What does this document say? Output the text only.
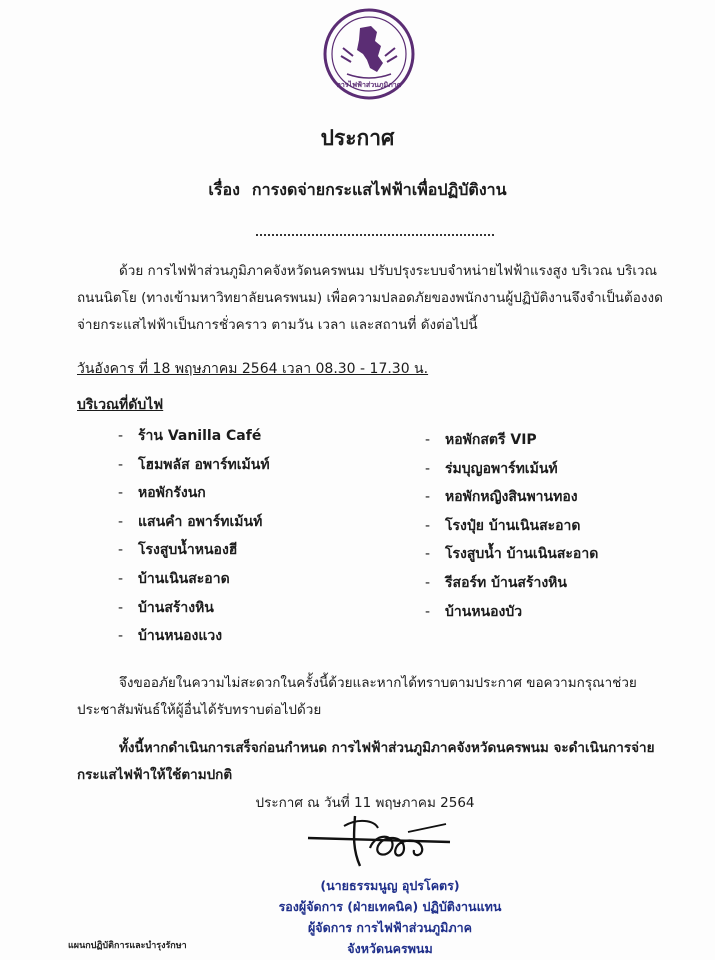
การไฟฟ้าส่วนภูมิภาค
ประกาศ
เรื่อง การงดจ่ายกระแสไฟฟ้าเพื่อปฏิบัติงาน
ด้วย การไฟฟ้าส่วนภูมิภาคจังหวัดนครพนม ปรับปรุงระบบจำหน่ายไฟฟ้าแรงสูง บริเวณ บริเวณ ถนนนิตโย (ทางเข้ามหาวิทยาลัยนครพนม) เพื่อความปลอดภัยของพนักงานผู้ปฏิบัติงานจึงจำเป็นต้องงดจ่ายกระแสไฟฟ้าเป็นการชั่วคราว ตามวัน เวลา และสถานที่ ดังต่อไปนี้
วันอังคาร ที่ 18 พฤษภาคม 2564 เวลา 08.30 - 17.30 น.
บริเวณที่ดับไฟ
- ร้าน Vanilla Café
- โฮมพลัส อพาร์ทเม้นท์
- หอพักรังนก
- แสนคำ อพาร์ทเม้นท์
- โรงสูบน้ำหนองฮี
- บ้านเนินสะอาด
- บ้านสร้างหิน
- บ้านหนองแวง
- หอพักสตรี VIP
- ร่มบุญอพาร์ทเม้นท์
- หอพักหญิงสินพานทอง
- โรงปุ๋ย บ้านเนินสะอาด
- โรงสูบน้ำ บ้านเนินสะอาด
- รีสอร์ท บ้านสร้างหิน
- บ้านหนองบัว
จึงขออภัยในความไม่สะดวกในครั้งนี้ด้วยและหากได้ทราบตามประกาศ ขอความกรุณาช่วยประชาสัมพันธ์ให้ผู้อื่นได้รับทราบต่อไปด้วย
ทั้งนี้หากดำเนินการเสร็จก่อนกำหนด การไฟฟ้าส่วนภูมิภาคจังหวัดนครพนม จะดำเนินการจ่ายกระแสไฟฟ้าให้ใช้ตามปกติ
ประกาศ ณ วันที่ 11 พฤษภาคม 2564
(นายธรรมนูญ อุปรโคตร)
รองผู้จัดการ (ฝ่ายเทคนิค) ปฏิบัติงานแทน
ผู้จัดการ การไฟฟ้าส่วนภูมิภาค
จังหวัดนครพนม
แผนกปฏิบัติการและบำรุงรักษา
